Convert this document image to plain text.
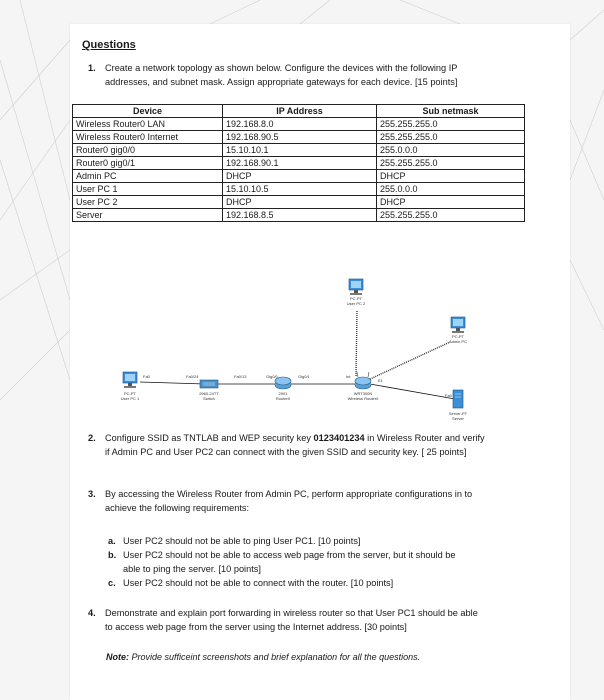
Questions
1. Create a network topology as shown below. Configure the devices with the following IP
addresses, and subnet mask. Assign appropriate gateways for each device. [15 points]
Device	IP Address	Sub netmask
Wireless Router0 LAN	192.168.8.0	255.255.255.0
Wireless Router0 Internet	192.168.90.5	255.255.255.0
Router0 gig0/0	15.10.10.1	255.0.0.0
Router0 gig0/1	192.168.90.1	255.255.255.0
Admin PC	DHCP	DHCP
User PC 1	15.10.10.5	255.0.0.0
User PC 2	DHCP	DHCP
Server	192.168.8.5	255.255.255.0
PC-PT
User PC 2
PC-PT
Admin PC
PC-PT
User PC 1
2960-24TT
Switch
2901
Router0
WRT300N
Wireless Router0
Server-PT
Server
Fa0	Fa0/24	Fa0/13	Gig0/0	Gig0/1	Int
E1
Fa0
2. Configure SSID as TNTLAB and WEP security key 0123401234 in Wireless Router and verify
if Admin PC and User PC2 can connect with the given SSID and security key. [ 25 points]
3. By accessing the Wireless Router from Admin PC, perform appropriate configurations in to
achieve the following requirements:
a. User PC2 should not be able to ping User PC1. [10 points]
b. User PC2 should not be able to access web page from the server, but it should be
able to ping the server. [10 points]
c. User PC2 should not be able to connect with the router. [10 points]
4. Demonstrate and explain port forwarding in wireless router so that User PC1 should be able
to access web page from the server using the Internet address. [30 points]
Note: Provide sufficeint screenshots and brief explanation for all the questions.
